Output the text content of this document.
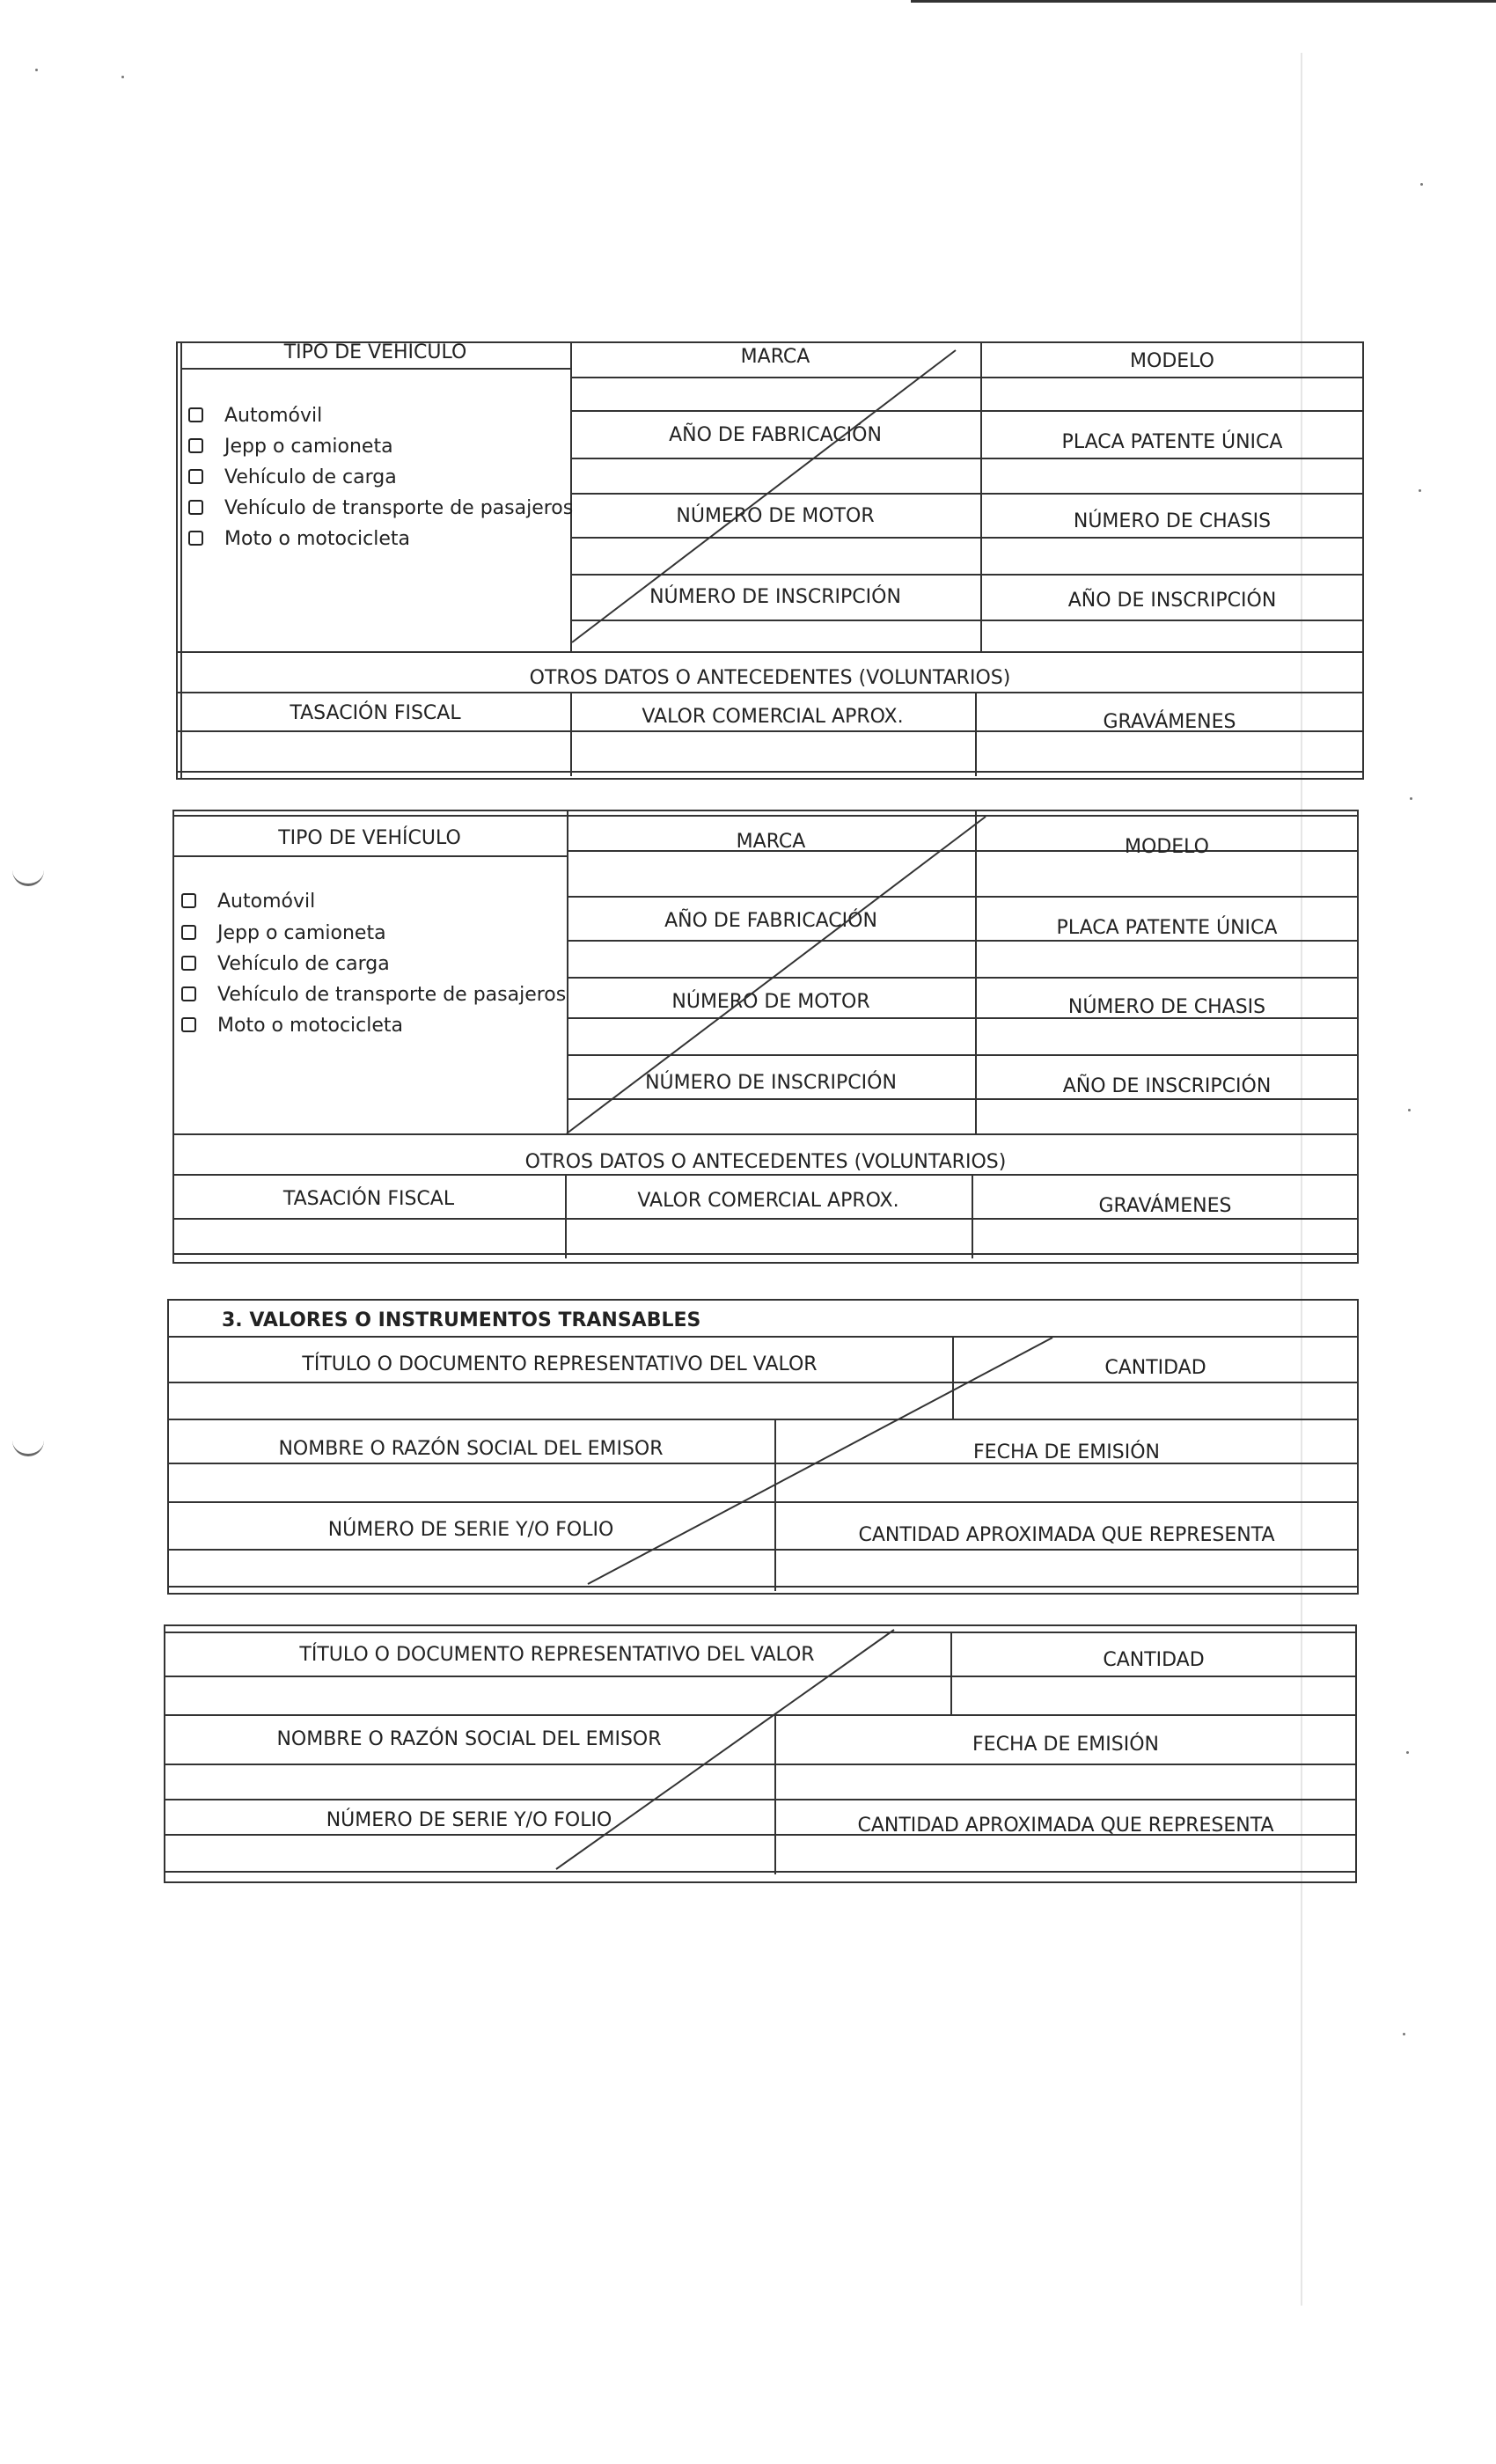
TIPO DE VEHICULO	MARCA	MODELO
AÑO DE FABRICACIÓN	PLACA PATENTE ÚNICA
NÚMERO DE MOTOR	NÚMERO DE CHASIS
NÚMERO DE INSCRIPCIÓN	AÑO DE INSCRIPCIÓN
OTROS DATOS O ANTECEDENTES (VOLUNTARIOS)
TASACIÓN FISCAL	VALOR COMERCIAL APROX.	GRAVÁMENES
Automóvil
Jepp o camioneta
Vehículo de carga
Vehículo de transporte de pasajeros
Moto o motocicleta
TIPO DE VEHÍCULO	MARCA	MODELO
AÑO DE FABRICACIÓN	PLACA PATENTE ÚNICA
NÚMERO DE MOTOR	NÚMERO DE CHASIS
NÚMERO DE INSCRIPCIÓN	AÑO DE INSCRIPCIÓN
OTROS DATOS O ANTECEDENTES (VOLUNTARIOS)
TASACIÓN FISCAL	VALOR COMERCIAL APROX.	GRAVÁMENES
Automóvil
Jepp o camioneta
Vehículo de carga
Vehículo de transporte de pasajeros
Moto o motocicleta
3. VALORES O INSTRUMENTOS TRANSABLES
TÍTULO O DOCUMENTO REPRESENTATIVO DEL VALOR	CANTIDAD
NOMBRE O RAZÓN SOCIAL DEL EMISOR	FECHA DE EMISIÓN
NÚMERO DE SERIE Y/O FOLIO	CANTIDAD APROXIMADA QUE REPRESENTA
TÍTULO O DOCUMENTO REPRESENTATIVO DEL VALOR	CANTIDAD
NOMBRE O RAZÓN SOCIAL DEL EMISOR	FECHA DE EMISIÓN
NÚMERO DE SERIE Y/O FOLIO	CANTIDAD APROXIMADA QUE REPRESENTA
